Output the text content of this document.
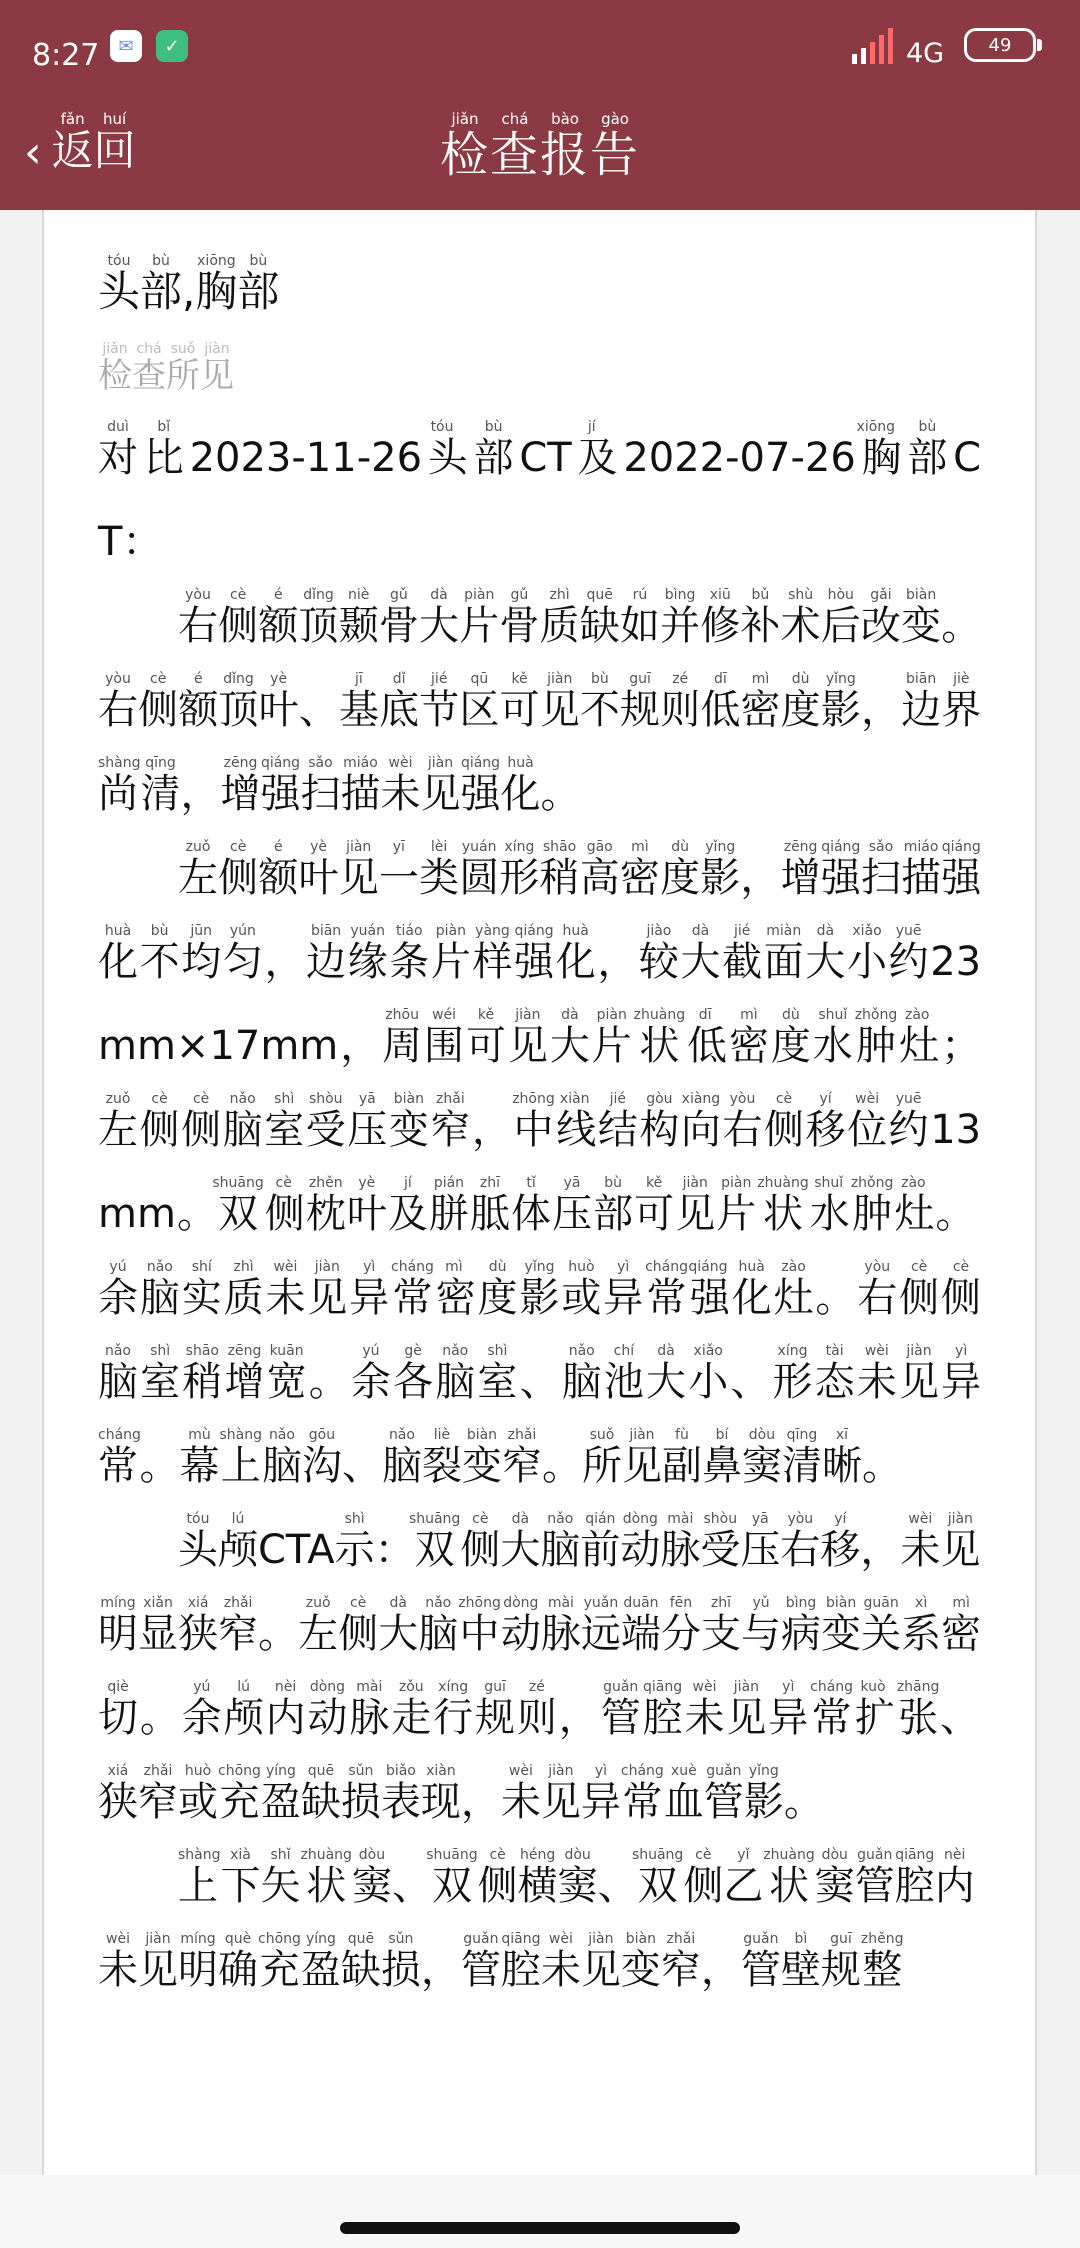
8:27	✉	✓	4G 49
‹ 返fǎn回huí
检jiǎn查chá报bào告gào
头tóu部bù,胸xiōng部bù
检jiǎn查chá所suǒ见jiàn

对duì比bǐ2023-11-26头tóu部bùCT及jí2022-07-26胸xiōng部bùCT：

右yòu侧cè额é顶dǐng颞niè骨gǔ大dà片piàn骨gǔ质zhì缺quē如rú并bìng修xiū补bǔ术shù后hòu改gǎi变biàn。右yòu侧cè额é顶dǐng叶yè、基jī底dǐ节jié区qū可kě见jiàn不bù规guī则zé低dī密mì度dù影yǐng，边biān界jiè尚shàng清qīng，增zēng强qiáng扫sǎo描miáo未wèi见jiàn强qiáng化huà。

左zuǒ侧cè额é叶yè见jiàn一yī类lèi圆yuán形xíng稍shāo高gāo密mì度dù影yǐng，增zēng强qiáng扫sǎo描miáo强qiáng化huà不bù均jūn匀yún，边biān缘yuán条tiáo片piàn样yàng强qiáng化huà，较jiào大dà截jié面miàn大dà小xiǎo约yuē23mm×17mm，周zhōu围wéi可kě见jiàn大dà片piàn状zhuàng低dī密mì度dù水shuǐ肿zhǒng灶zào；左zuǒ侧cè侧cè脑nǎo室shì受shòu压yā变biàn窄zhǎi，中zhōng线xiàn结jié构gòu向xiàng右yòu侧cè移yí位wèi约yuē13mm。双shuāng侧cè枕zhěn叶yè及jí胼pián胝zhī体tǐ压yā部bù可kě见jiàn片piàn状zhuàng水shuǐ肿zhǒng灶zào。余yú脑nǎo实shí质zhì未wèi见jiàn异yì常cháng密mì度dù影yǐng或huò异yì常cháng强qiáng化huà灶zào。右yòu侧cè侧cè脑nǎo室shì稍shāo增zēng宽kuān。余yú各gè脑nǎo室shì、脑nǎo池chí大dà小xiǎo、形xíng态tài未wèi见jiàn异yì常cháng。幕mù上shàng脑nǎo沟gōu、脑nǎo裂liè变biàn窄zhǎi。所suǒ见jiàn副fù鼻bí窦dòu清qīng晰xī。

头tóu颅lúCTA示shì：双shuāng侧cè大dà脑nǎo前qián动dòng脉mài受shòu压yā右yòu移yí，未wèi见jiàn明míng显xiǎn狭xiá窄zhǎi。左zuǒ侧cè大dà脑nǎo中zhōng动dòng脉mài远yuǎn端duān分fēn支zhī与yǔ病bìng变biàn关guān系xì密mì切qiè。余yú颅lú内nèi动dòng脉mài走zǒu行xíng规guī则zé，管guǎn腔qiāng未wèi见jiàn异yì常cháng扩kuò张zhāng、狭xiá窄zhǎi或huò充chōng盈yíng缺quē损sǔn表biǎo现xiàn，未wèi见jiàn异yì常cháng血xuè管guǎn影yǐng。

上shàng下xià矢shǐ状zhuàng窦dòu、双shuāng侧cè横héng窦dòu、双shuāng侧cè乙yǐ状zhuàng窦dòu管guǎn腔qiāng内nèi未wèi见jiàn明míng确què充chōng盈yíng缺quē损sǔn，管guǎn腔qiāng未wèi见jiàn变biàn窄zhǎi，管guǎn壁bì规guī整zhěng
